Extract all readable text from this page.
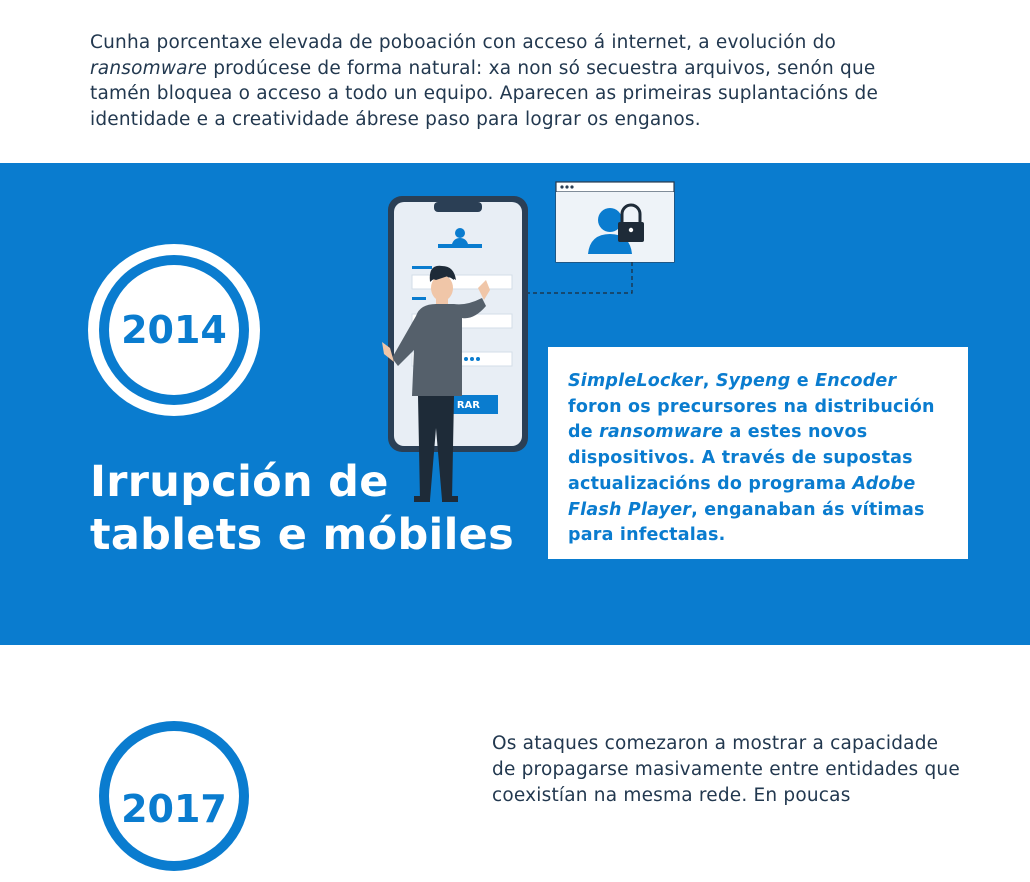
Cunha porcentaxe elevada de poboación con acceso á internet, a evolución do ransomware prodúcese de forma natural: xa non só secuestra arquivos, senón que tamén bloquea o acceso a todo un equipo. Aparecen as primeiras suplantacións de identidade e a creatividade ábrese paso para lograr os enganos.

2014
RAR

SimpleLocker, Sypeng e Encoder foron os precursores na distribución de ransomware a estes novos dispositivos. A través de supostas actualizacións do programa Adobe Flash Player, enganaban ás vítimas para infectalas.

Irrupción de
tablets e móbiles
2017

Os ataques comezaron a mostrar a capacidade de propagarse masivamente entre entidades que coexistían na mesma rede. En poucas
